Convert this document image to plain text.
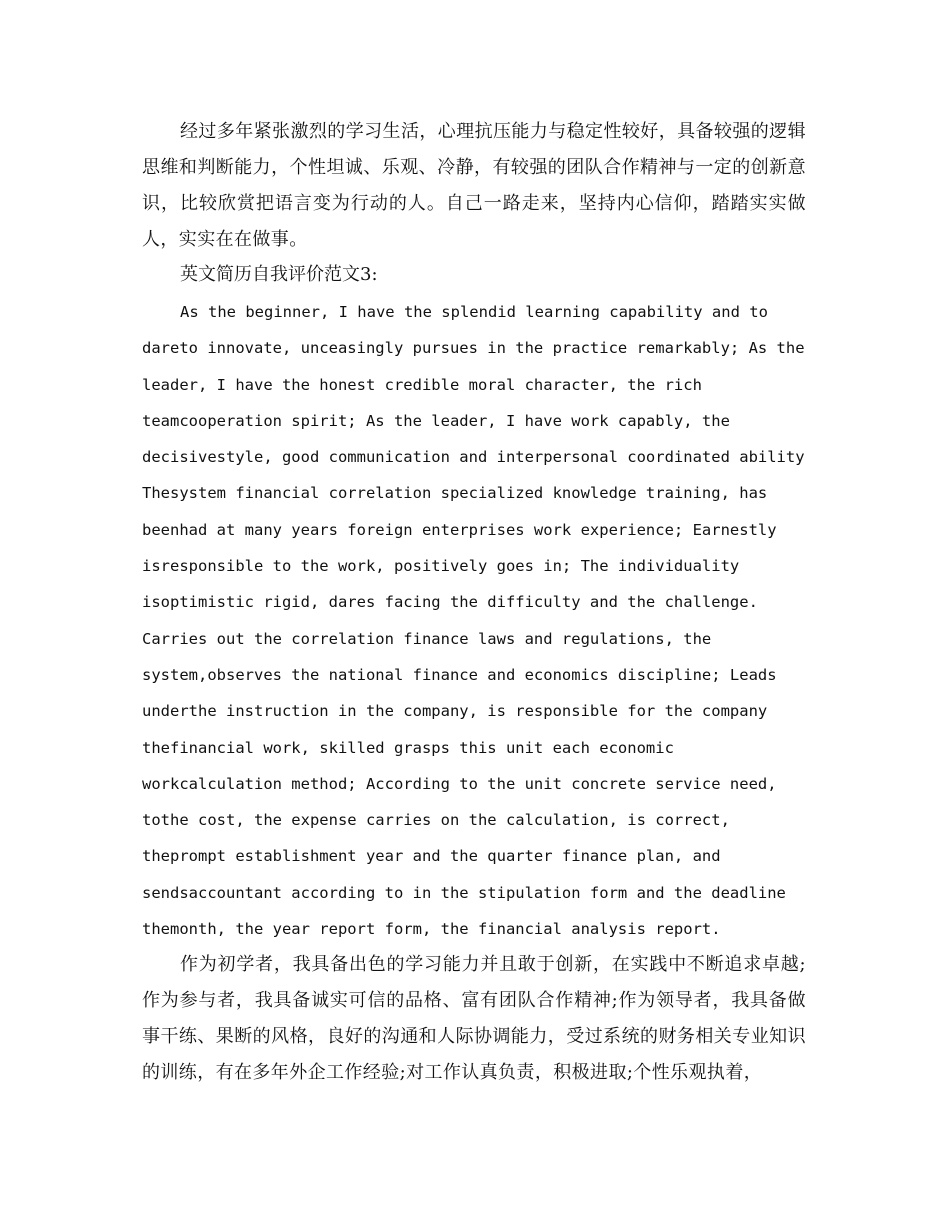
经过多年紧张激烈的学习生活，心理抗压能力与稳定性较好，具备较强的逻辑思维和判断能力，个性坦诚、乐观、冷静，有较强的团队合作精神与一定的创新意识，比较欣赏把语言变为行动的人。自己一路走来，坚持内心信仰，踏踏实实做人，实实在在做事。

英文简历自我评价范文3:

As the beginner, I have the splendid learning capability and to
dareto innovate, unceasingly pursues in the practice remarkably; As the
leader, I have the honest credible moral character, the rich
teamcooperation spirit; As the leader, I have work capably, the
decisivestyle, good communication and interpersonal coordinated ability
Thesystem financial correlation specialized knowledge training, has
beenhad at many years foreign enterprises work experience; Earnestly
isresponsible to the work, positively goes in; The individuality
isoptimistic rigid, dares facing the difficulty and the challenge.
Carries out the correlation finance laws and regulations, the
system,observes the national finance and economics discipline; Leads
underthe instruction in the company, is responsible for the company
thefinancial work, skilled grasps this unit each economic
workcalculation method; According to the unit concrete service need,
tothe cost, the expense carries on the calculation, is correct,
theprompt establishment year and the quarter finance plan, and
sendsaccountant according to in the stipulation form and the deadline
themonth, the year report form, the financial analysis report.

作为初学者，我具备出色的学习能力并且敢于创新，在实践中不断追求卓越;作为参与者，我具备诚实可信的品格、富有团队合作精神;作为领导者，我具备做事干练、果断的风格，良好的沟通和人际协调能力，受过系统的财务相关专业知识的训练，有在多年外企工作经验;对工作认真负责，积极进取;个性乐观执着，
